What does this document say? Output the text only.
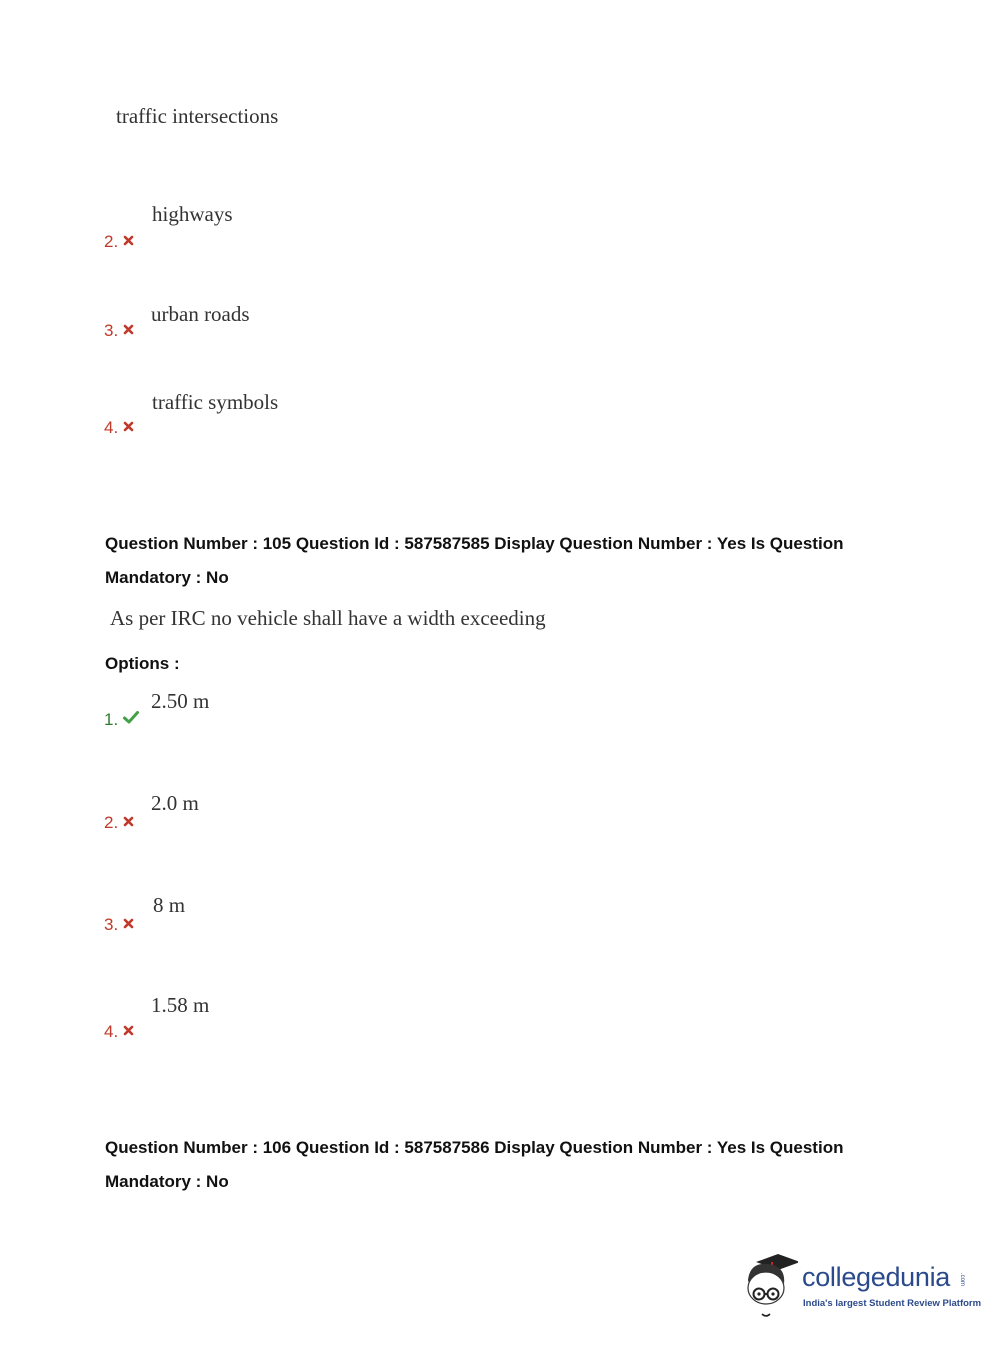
traffic intersections
highways
2.
urban roads
3.
traffic symbols
4.
Question Number : 105 Question Id : 587587585 Display Question Number : Yes Is Question Mandatory : No
As per IRC no vehicle shall have a width exceeding
Options :
2.50 m
1.
2.0 m
2.
8 m
3.
1.58 m
4.
Question Number : 106 Question Id : 587587586 Display Question Number : Yes Is Question Mandatory : No
collegedunia .com
India's largest Student Review Platform
